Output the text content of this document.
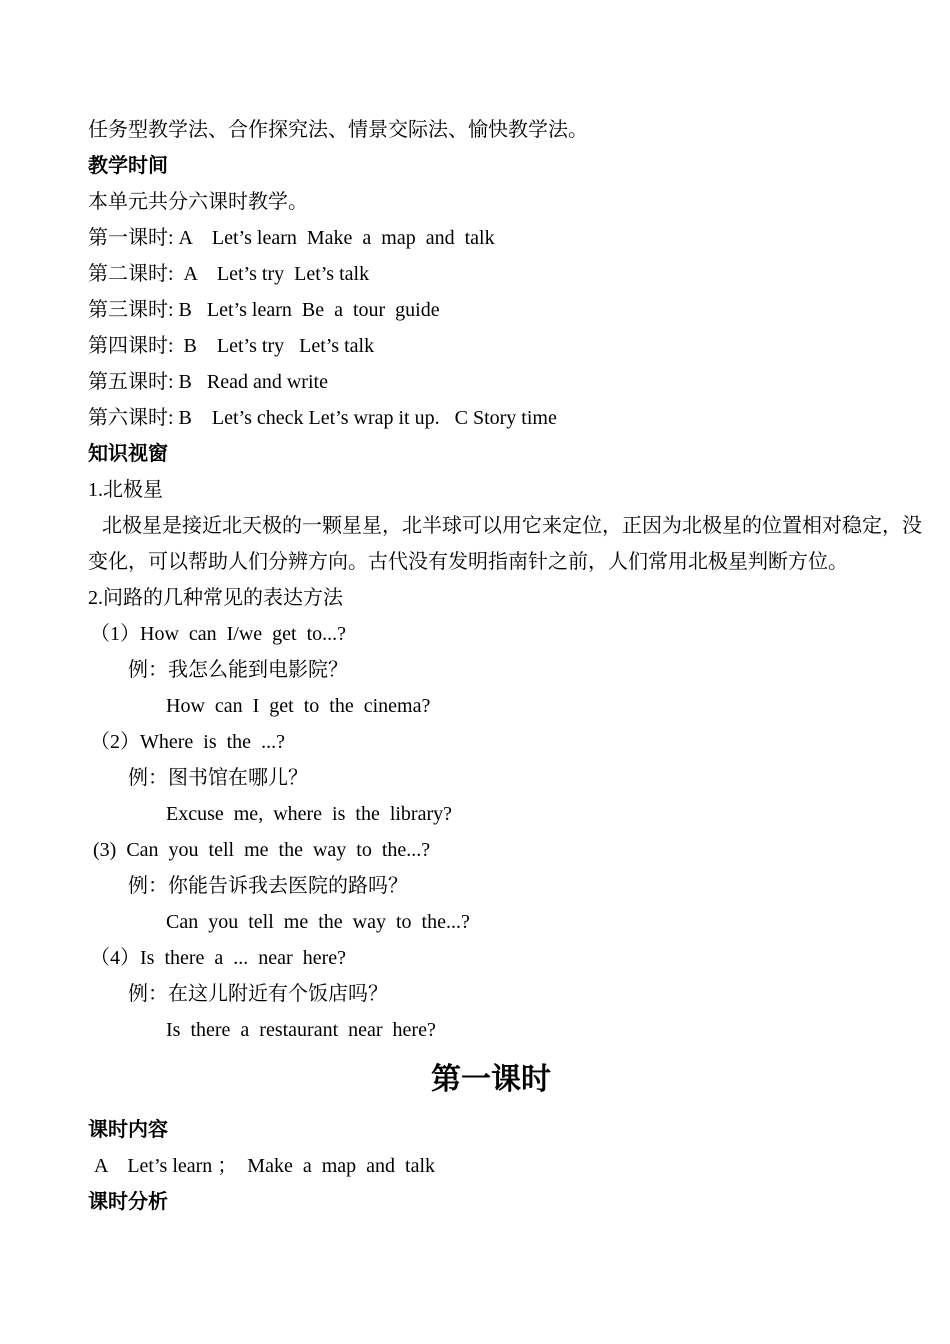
任务型教学法、合作探究法、情景交际法、愉快教学法。

教学时间

本单元共分六课时教学。

第一课时: A    Let’s learn  Make  a  map  and  talk

第二课时:  A    Let’s try  Let’s talk

第三课时: B   Let’s learn  Be  a  tour  guide

第四课时:  B    Let’s try   Let’s talk

第五课时: B   Read and write

第六课时: B    Let’s check Let’s wrap it up.   C Story time

知识视窗

1.北极星

北极星是接近北天极的一颗星星，北半球可以用它来定位，正因为北极星的位置相对稳定，没

变化，可以帮助人们分辨方向。古代没有发明指南针之前，人们常用北极星判断方位。

2.问路的几种常见的表达方法

（1）How  can  I/we  get  to...?

例：我怎么能到电影院？

How  can  I  get  to  the  cinema?

（2）Where  is  the  ...?

例：图书馆在哪儿？

Excuse  me,  where  is  the  library?

(3)  Can  you  tell  me  the  way  to  the...?

例：你能告诉我去医院的路吗？

Can  you  tell  me  the  way  to  the...?

（4）Is  there  a  ...  near  here?

例：在这儿附近有个饭店吗？

Is  there  a  restaurant  near  here?

第一课时

课时内容

A    Let’s learn ；  Make  a  map  and  talk

课时分析
